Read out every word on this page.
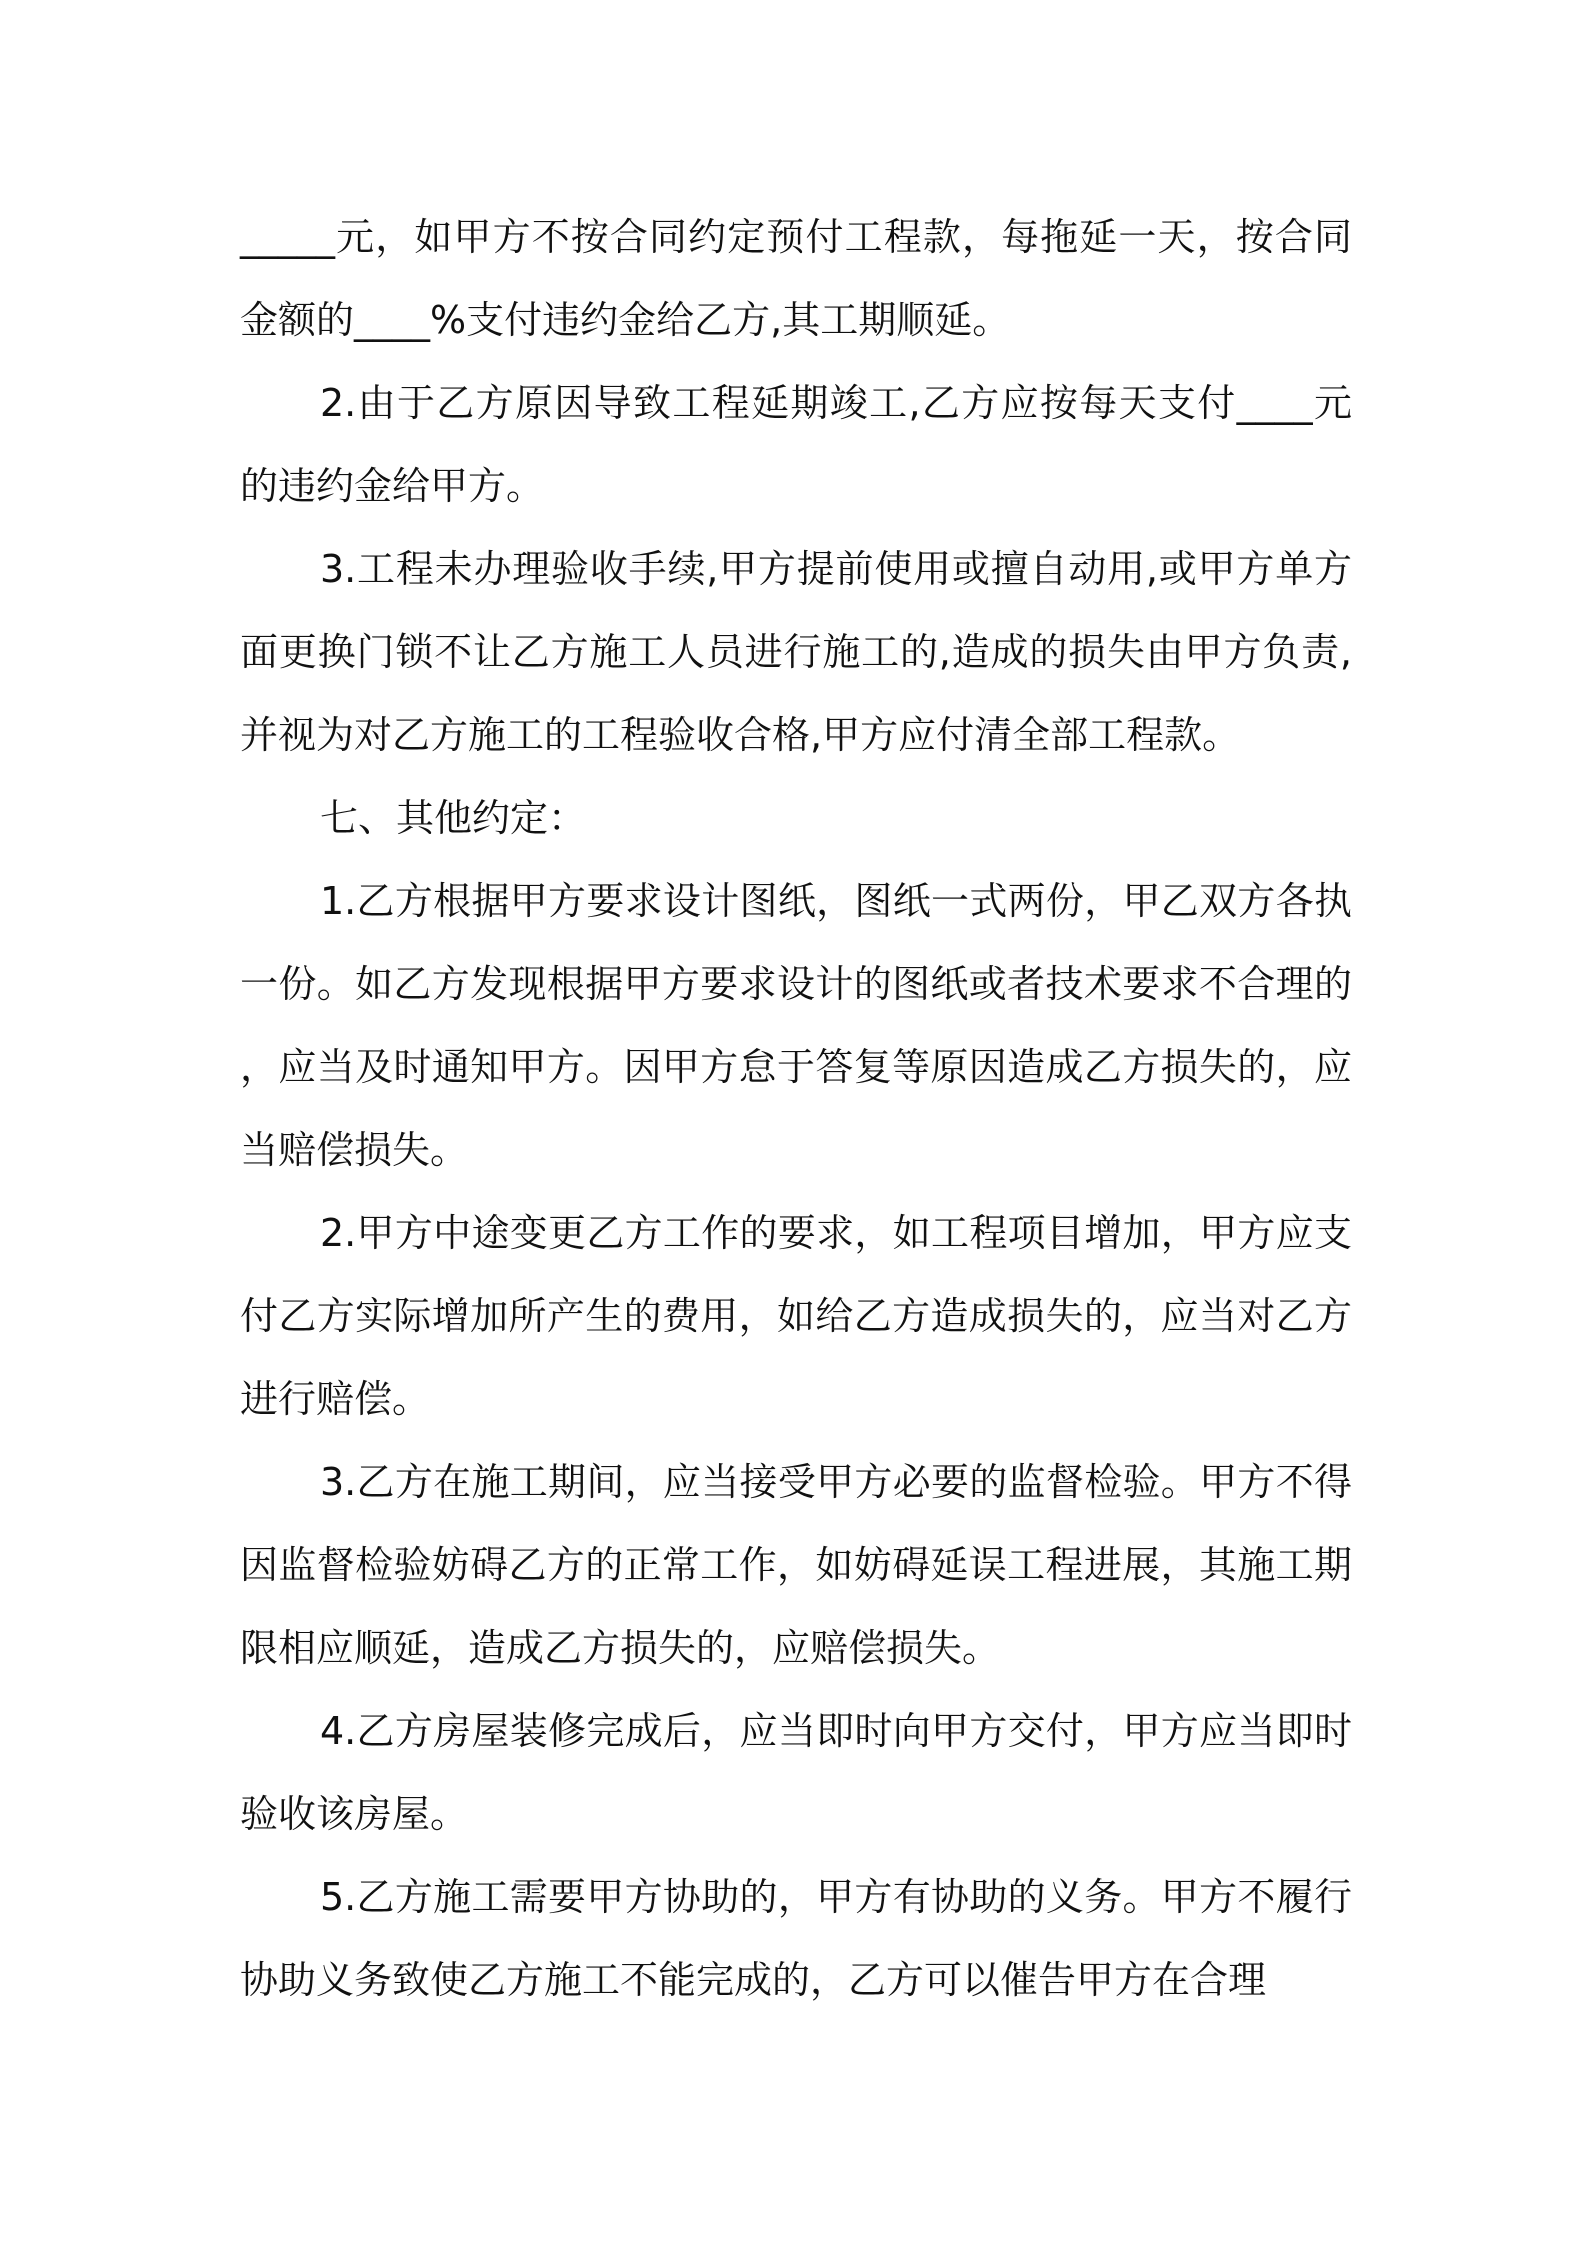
_____元，如甲方不按合同约定预付工程款，每拖延一天，按合同金额的____%支付违约金给乙方,其工期顺延。

2.由于乙方原因导致工程延期竣工,乙方应按每天支付____元的违约金给甲方。

3.工程未办理验收手续,甲方提前使用或擅自动用,或甲方单方面更换门锁不让乙方施工人员进行施工的,造成的损失由甲方负责,并视为对乙方施工的工程验收合格,甲方应付清全部工程款。

七、其他约定：

1.乙方根据甲方要求设计图纸，图纸一式两份，甲乙双方各执一份。如乙方发现根据甲方要求设计的图纸或者技术要求不合理的，应当及时通知甲方。因甲方怠于答复等原因造成乙方损失的，应当赔偿损失。

2.甲方中途变更乙方工作的要求，如工程项目增加，甲方应支付乙方实际增加所产生的费用，如给乙方造成损失的，应当对乙方进行赔偿。

3.乙方在施工期间，应当接受甲方必要的监督检验。甲方不得因监督检验妨碍乙方的正常工作，如妨碍延误工程进展，其施工期限相应顺延，造成乙方损失的，应赔偿损失。

4.乙方房屋装修完成后，应当即时向甲方交付，甲方应当即时验收该房屋。

5.乙方施工需要甲方协助的，甲方有协助的义务。甲方不履行协助义务致使乙方施工不能完成的，乙方可以催告甲方在合理
